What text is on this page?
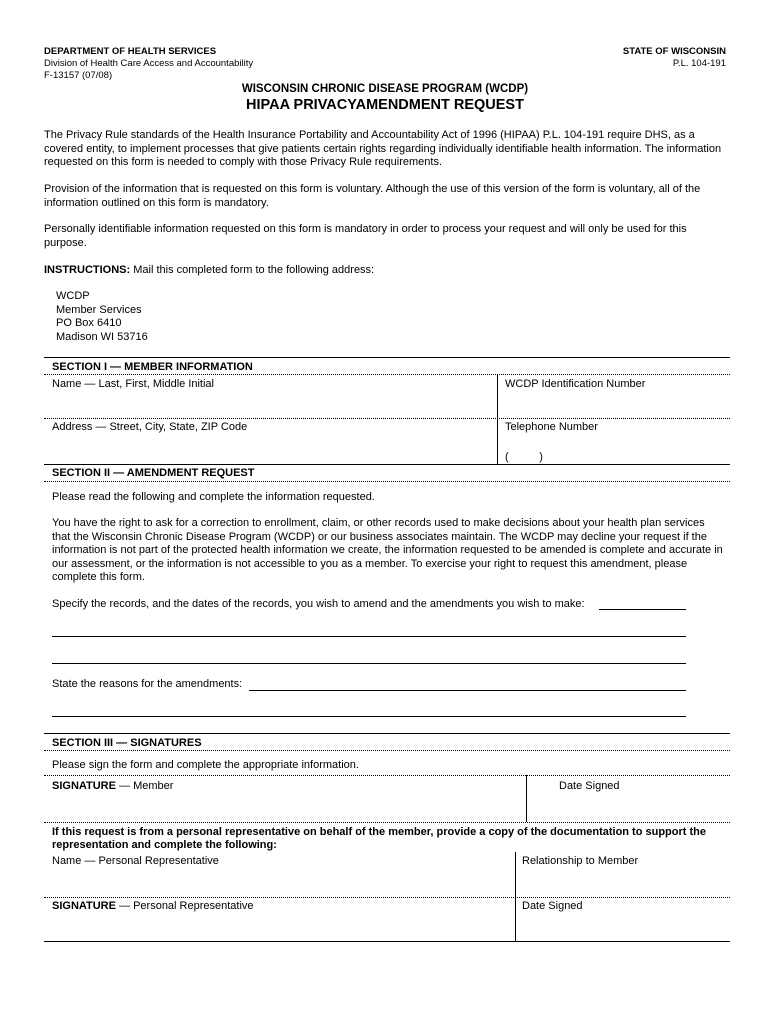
DEPARTMENT OF HEALTH SERVICES
Division of Health Care Access and Accountability
F-13157 (07/08)
STATE OF WISCONSIN
P.L. 104-191
WISCONSIN CHRONIC DISEASE PROGRAM (WCDP)
HIPAA PRIVACYAMENDMENT REQUEST
The Privacy Rule standards of the Health Insurance Portability and Accountability Act of 1996 (HIPAA) P.L. 104-191 require DHS, as a covered entity, to implement processes that give patients certain rights regarding individually identifiable health information. The information requested on this form is needed to comply with those Privacy Rule requirements.
Provision of the information that is requested on this form is voluntary. Although the use of this version of the form is voluntary, all of the information outlined on this form is mandatory.
Personally identifiable information requested on this form is mandatory in order to process your request and will only be used for this purpose.
INSTRUCTIONS: Mail this completed form to the following address:
WCDP
Member Services
PO Box 6410
Madison WI 53716
SECTION I — MEMBER INFORMATION
Name — Last, First, Middle Initial	WCDP Identification Number
Address — Street, City, State, ZIP Code	Telephone Number
(          )
SECTION II — AMENDMENT REQUEST
Please read the following and complete the information requested.
You have the right to ask for a correction to enrollment, claim, or other records used to make decisions about your health plan services that the Wisconsin Chronic Disease Program (WCDP) or our business associates maintain. The WCDP may decline your request if the information is not part of the protected health information we create, the information requested to be amended is complete and accurate in our assessment, or the information is not accessible to you as a member. To exercise your right to request this amendment, please complete this form.
Specify the records, and the dates of the records, you wish to amend and the amendments you wish to make:
State the reasons for the amendments:
SECTION III — SIGNATURES
Please sign the form and complete the appropriate information.
SIGNATURE — Member	Date Signed
If this request is from a personal representative on behalf of the member, provide a copy of the documentation to support the representation and complete the following:
Name — Personal Representative	Relationship to Member
SIGNATURE — Personal Representative	Date Signed
